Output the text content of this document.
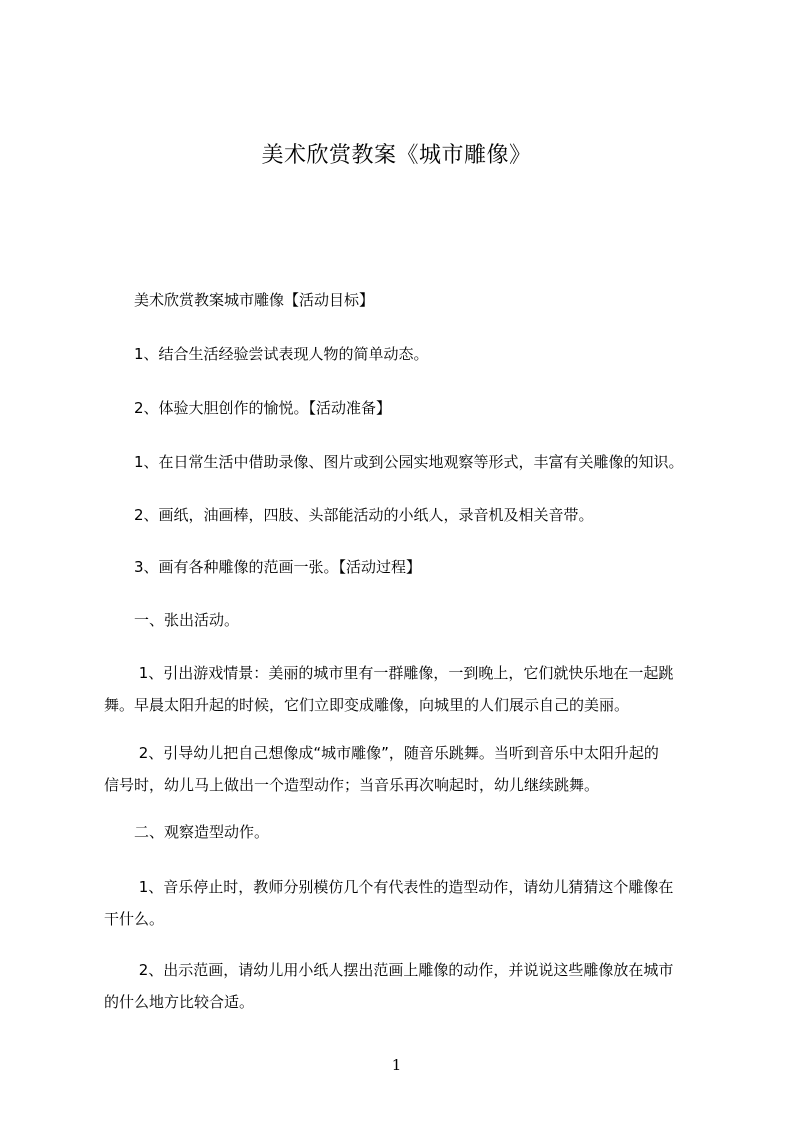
美术欣赏教案《城市雕像》
　　美术欣赏教案城市雕像【活动目标】
　　1、结合生活经验尝试表现人物的简单动态。
　　2、体验大胆创作的愉悦。【活动准备】
　　1、在日常生活中借助录像、图片或到公园实地观察等形式，丰富有关雕像的知识。
　　2、画纸，油画棒，四肢、头部能活动的小纸人，录音机及相关音带。
　　3、画有各种雕像的范画一张。【活动过程】
　　一、张出活动。
　　 1、引出游戏情景：美丽的城市里有一群雕像，一到晚上，它们就快乐地在一起跳
舞。早晨太阳升起的时候，它们立即变成雕像，向城里的人们展示自己的美丽。
　　 2、引导幼儿把自己想像成“城市雕像”，随音乐跳舞。当听到音乐中太阳升起的
信号时，幼儿马上做出一个造型动作；当音乐再次响起时，幼儿继续跳舞。
　　二、观察造型动作。
　　 1、音乐停止时，教师分别模仿几个有代表性的造型动作，请幼儿猜猜这个雕像在
干什么。
　　 2、出示范画，请幼儿用小纸人摆出范画上雕像的动作，并说说这些雕像放在城市
的什么地方比较合适。
1
